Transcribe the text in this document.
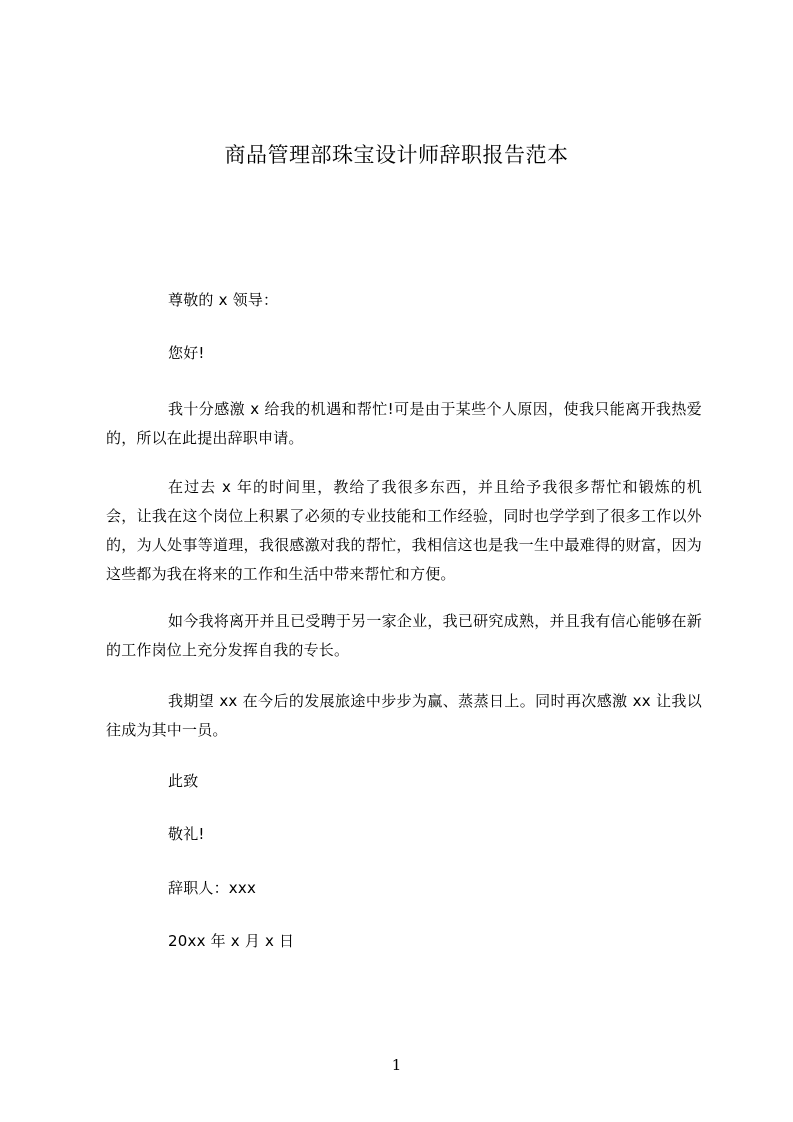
商品管理部珠宝设计师辞职报告范本
尊敬的 x 领导：
您好!
我十分感激 x 给我的机遇和帮忙!可是由于某些个人原因，使我只能离开我热爱的，所以在此提出辞职申请。
在过去 x 年的时间里，教给了我很多东西，并且给予我很多帮忙和锻炼的机会，让我在这个岗位上积累了必须的专业技能和工作经验，同时也学学到了很多工作以外的，为人处事等道理，我很感激对我的帮忙，我相信这也是我一生中最难得的财富，因为这些都为我在将来的工作和生活中带来帮忙和方便。
如今我将离开并且已受聘于另一家企业，我已研究成熟，并且我有信心能够在新的工作岗位上充分发挥自我的专长。
我期望 xx 在今后的发展旅途中步步为赢、蒸蒸日上。同时再次感激 xx 让我以往成为其中一员。
此致
敬礼!
辞职人：xxx
20xx 年 x 月 x 日
1
